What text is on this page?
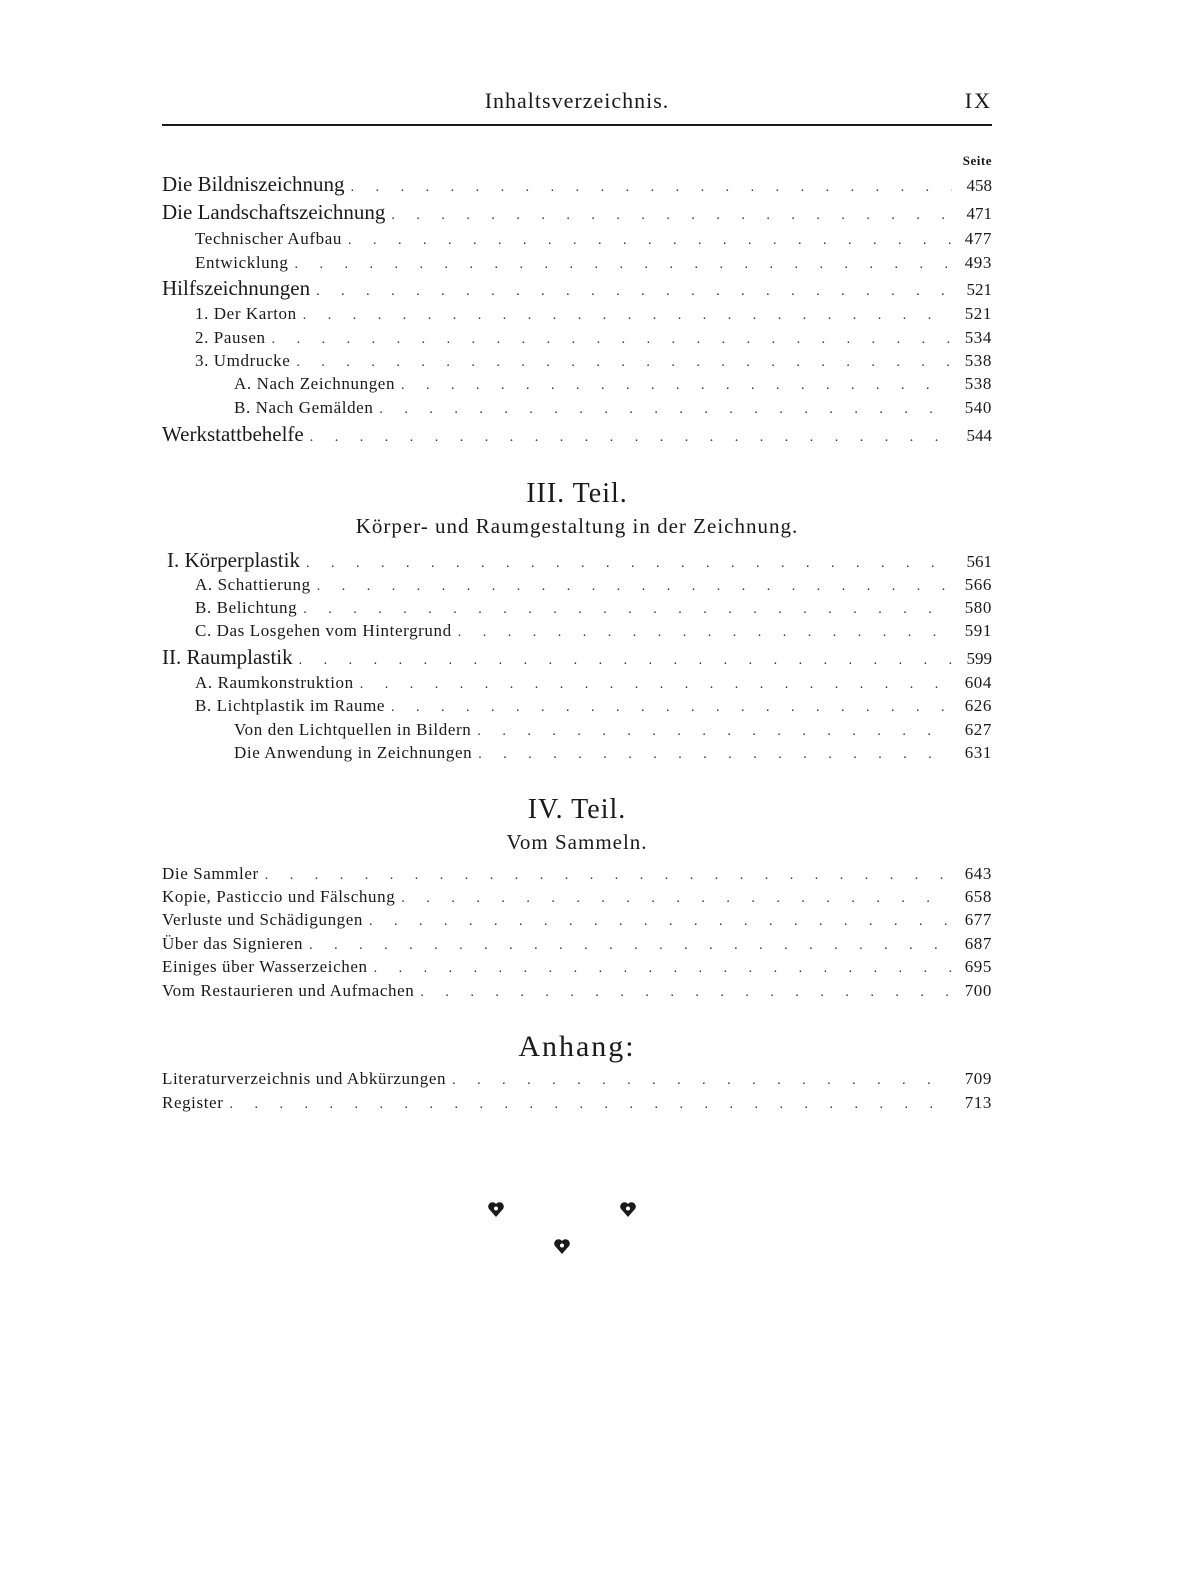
Inhaltsverzeichnis.	IX
Seite
Die Bildniszeichnung . . .	458
Die Landschaftszeichnung . . .	471
Technischer Aufbau . . .	477
Entwicklung . . .	493
Hilfszeichnungen . . .	521
1. Der Karton . . .	521
2. Pausen . . .	534
3. Umdrucke . . .	538
A. Nach Zeichnungen . . .	538
B. Nach Gemälden . . .	540
Werkstattbehelfe . . .	544
III. Teil.
Körper- und Raumgestaltung in der Zeichnung.
I. Körperplastik . . .	561
A. Schattierung . . .	566
B. Belichtung . . .	580
C. Das Losgehen vom Hintergrund . . .	591
II. Raumplastik . . .	599
A. Raumkonstruktion . . .	604
B. Lichtplastik im Raume . . .	626
Von den Lichtquellen in Bildern . . .	627
Die Anwendung in Zeichnungen . . .	631
IV. Teil.
Vom Sammeln.
Die Sammler . . .	643
Kopie, Pasticcio und Fälschung . . .	658
Verluste und Schädigungen . . .	677
Über das Signieren . . .	687
Einiges über Wasserzeichen . . .	695
Vom Restaurieren und Aufmachen . . .	700
Anhang:
Literaturverzeichnis und Abkürzungen . . .	709
Register . . .	713
